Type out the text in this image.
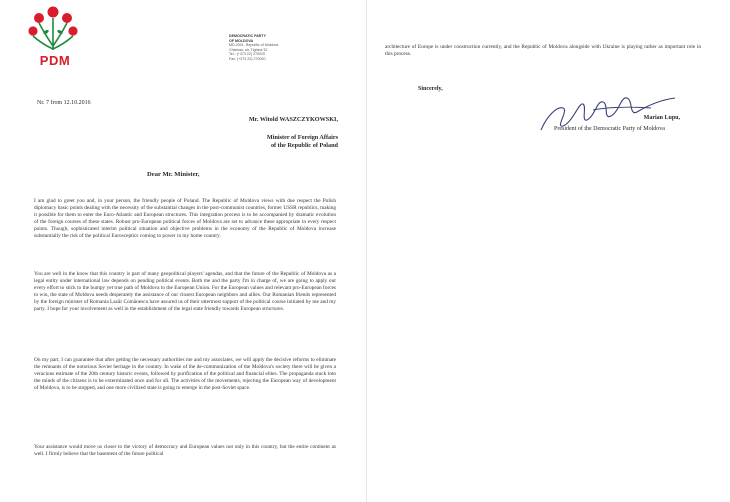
PDM
DEMOCRATIC PARTY
OF MOLDOVA
MD-2001, Republic of Moldova
Chisinau, str. Tighina 32
Tel.: (+373 22) 270020
Fax: (+373 22) 270020
Nr. 7 from 12.10.2016
Mr. Witold WASZCZYKOWSKI,
Minister of Foreign Affairs
of the Republic of Poland
Dear Mr. Minister,
I am glad to greet you and, in your person, the friendly people of Poland. The Republic of Moldova views with due respect the Polish diplomacy basic points dealing with the necessity of the substantial changes in the post-communist countries, former USSR republics, making it possible for them to enter the Euro-Atlantic and European structures. This integration process is to be accompanied by dramatic evolution of the foreign courses of these states. Robust pro-European political forces of Moldova are set to advance these appropriate in every respect points. Though, sophisticated interim political situation and objective problems in the economy of the Republic of Moldova increase substantially the risk of the political Eurosceptics coming to power in my home country.
You are well in the know that this country is part of many geopolitical players' agendas, and that the future of the Republic of Moldova as a legal entity under international law depends on pending political events. Both me and the party I'm in charge of, we are going to apply our every effort to stick to the bumpy yet true path of Moldova to the European Union. For the European values and relevant pro-European forces to win, the state of Moldova needs desperately the assistance of our closest European neighbors and allies. Our Romanian friends represented by the foreign minister of Romania Lazăr Comănescu have assured us of their uttermost support of the political course initiated by me and my party. I hope for your involvement as well in the establishment of the legal state friendly towards European structures.
On my part, I can guarantee that after getting the necessary authorities me and my associates, we will apply the decisive reforms to eliminate the remnants of the notorious Soviet heritage in the country. In wake of the de-communization of the Moldova's society there will be given a veracious estimate of the 20th century historic events, followed by purification of the political and financial elites. The propaganda stuck into the minds of the citizens is to be exterminated once and for all. The activities of the movements, rejecting the European way of development of Moldova, is to be stopped, and one more civilized state is going to emerge in the post-Soviet space.
Your assistance would move us closer to the victory of democracy and European values not only in this country, but the entire continent as well. I firmly believe that the basement of the future political
architecture of Europe is under construction currently, and the Republic of Moldova alongside with Ukraine is playing rather as important role in this process.
Sincerely,
Marian Lupu,
President of the Democratic Party of Moldova
